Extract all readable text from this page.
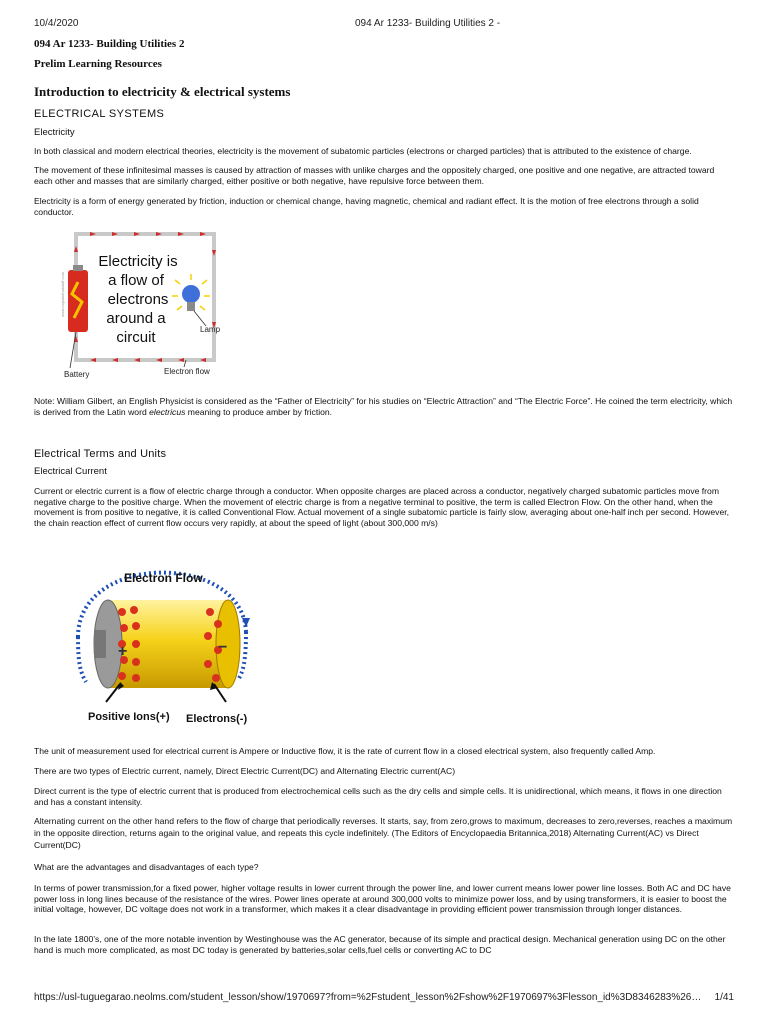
10/4/2020	094 Ar 1233- Building Utilities 2 -
094 Ar 1233- Building Utilities 2
Prelim Learning Resources
Introduction to electricity & electrical systems
ELECTRICAL SYSTEMS
Electricity
In both classical and modern electrical theories, electricity is the movement of subatomic particles (electrons or charged particles) that is attributed to the existence of charge.
The movement of these infinitesimal masses is caused by attraction of masses with unlike charges and the oppositely charged, one positive and one negative, are attracted toward each other and masses that are similarly charged, either positive or both negative, have repulsive force between them.
Electricity is a form of energy generated by friction, induction or chemical change, having magnetic, chemical and radiant effect. It is the motion of free electrons through a solid conductor.
Electricity is
a flow of
electrons
around a
circuit
Battery
Lamp
Electron flow
www.explainthatstuff.com
Note: William Gilbert, an English Physicist is considered as the “Father of Electricity” for his studies on “Electric Attraction” and “The Electric Force”. He coined the term electricity, which is derived from the Latin word electricus meaning to produce amber by friction.
Electrical Terms and Units
Electrical Current
Current or electric current is a flow of electric charge through a conductor. When opposite charges are placed across a conductor, negatively charged subatomic particles move from negative charge to the positive charge. When the movement of electric charge is from a negative terminal to positive, the term is called Electron Flow. On the other hand, when the movement is from positive to negative, it is called Conventional Flow. Actual movement of a single subatomic particle is fairly slow, averaging about one-half inch per second. However, the chain reaction effect of current flow occurs very rapidly, at about the speed of light (about 300,000 m/s)
+	−
Electron Flow
Positive Ions(+) Electrons(-)
The unit of measurement used for electrical current is Ampere or Inductive flow, it is the rate of current flow in a closed electrical system, also frequently called Amp.
There are two types of Electric current, namely, Direct Electric Current(DC) and Alternating Electric current(AC)
Direct current is the type of electric current that is produced from electrochemical cells such as the dry cells and simple cells. It is unidirectional, which means, it flows in one direction and has a constant intensity.
Alternating current on the other hand refers to the flow of charge that periodically reverses. It starts, say, from zero,grows to maximum, decreases to zero,reverses, reaches a maximum in the opposite direction, returns again to the original value, and repeats this cycle indefinitely. (The Editors of Encyclopaedia Britannica,2018) Alternating Current(AC) vs Direct Current(DC)
What are the advantages and disadvantages of each type?
In terms of power transmission,for a fixed power, higher voltage results in lower current through the power line, and lower current means lower power line losses. Both AC and DC have power loss in long lines because of the resistance of the wires. Power lines operate at around 300,000 volts to minimize power loss, and by using transformers, it is easier to boost the initial voltage, however, DC voltage does not work in a transformer, which makes it a clear disadvantage in providing efficient power transmission through longer distances.
In the late 1800’s, one of the more notable invention by Westinghouse was the AC generator, because of its simple and practical design. Mechanical generation using DC on the other hand is much more complicated, as most DC today is generated by batteries,solar cells,fuel cells or converting AC to DC
https://usl-tuguegarao.neolms.com/student_lesson/show/1970697?from=%2Fstudent_lesson%2Fshow%2F1970697%3Flesson_id%3D8346283%26… 1/41
